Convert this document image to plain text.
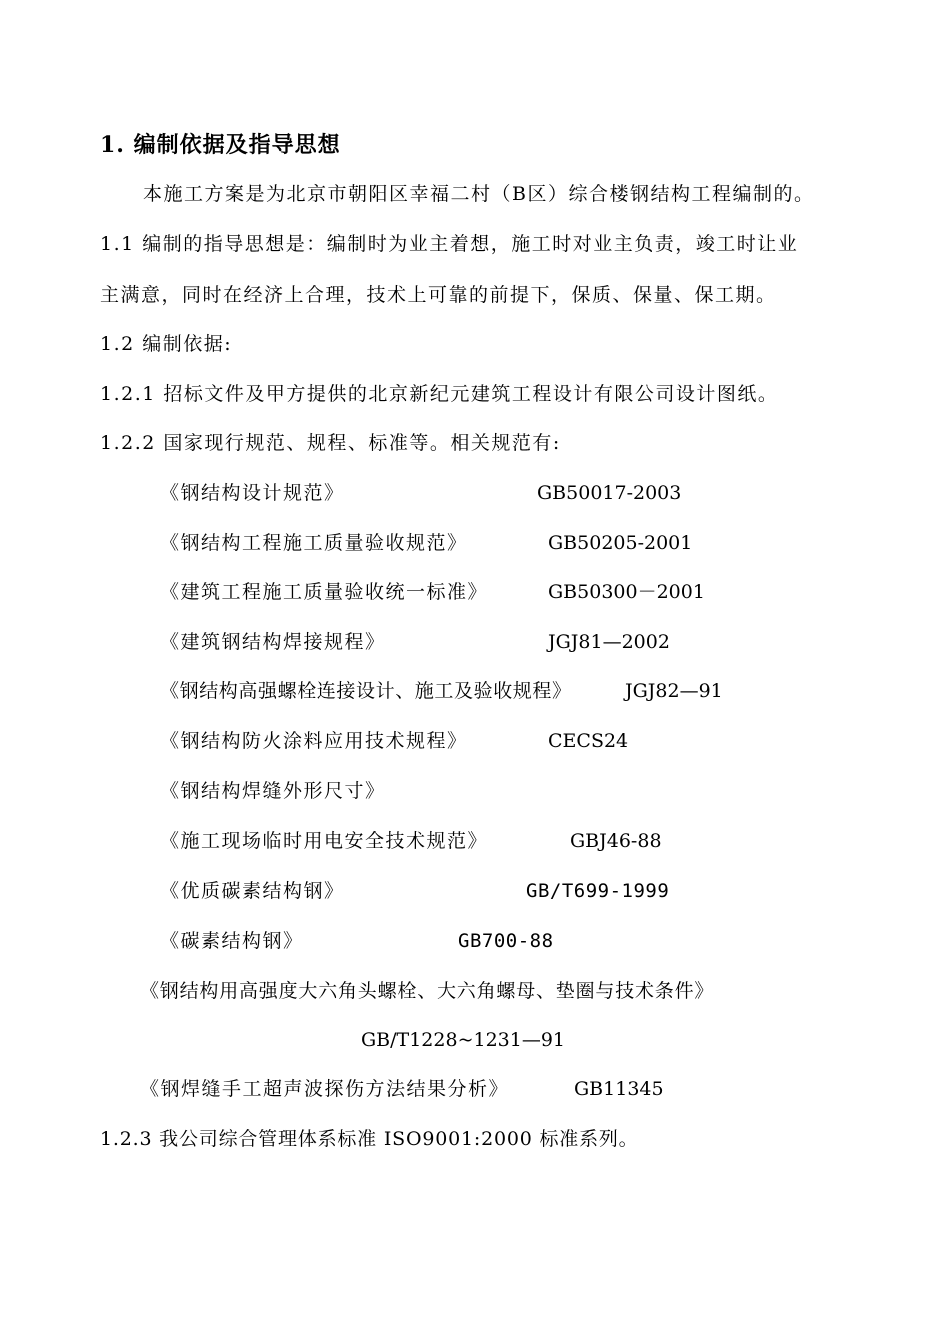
1. 编制依据及指导思想
本施工方案是为北京市朝阳区幸福二村（B区）综合楼钢结构工程编制的。
1.1 编制的指导思想是：编制时为业主着想，施工时对业主负责，竣工时让业
主满意，同时在经济上合理，技术上可靠的前提下，保质、保量、保工期。
1.2 编制依据:
1.2.1 招标文件及甲方提供的北京新纪元建筑工程设计有限公司设计图纸。
1.2.2 国家现行规范、规程、标准等。相关规范有:
《钢结构设计规范》	GB50017-2003
《钢结构工程施工质量验收规范》	GB50205-2001
《建筑工程施工质量验收统一标准》	GB50300－2001
《建筑钢结构焊接规程》	JGJ81—2002
《钢结构高强螺栓连接设计、施工及验收规程》	JGJ82—91
《钢结构防火涂料应用技术规程》	CECS24
《钢结构焊缝外形尺寸》
《施工现场临时用电安全技术规范》	GBJ46-88
《优质碳素结构钢》	GB/T699-1999
《碳素结构钢》	GB700-88
《钢结构用高强度大六角头螺栓、大六角螺母、垫圈与技术条件》
GB/T1228~1231—91
《钢焊缝手工超声波探伤方法结果分析》	GB11345
1.2.3 我公司综合管理体系标准 ISO9001:2000 标准系列。
